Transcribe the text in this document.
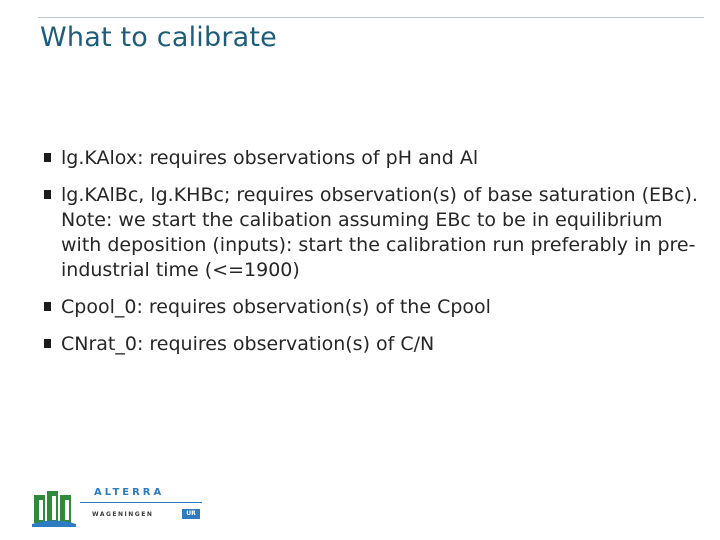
What to calibrate
lg.KAlox: requires observations of pH and Al
lg.KAlBc, lg.KHBc; requires observation(s) of base saturation (EBc). Note: we start the calibation assuming EBc to be in equilibrium with deposition (inputs): start the calibration run preferably in pre-industrial time (<=1900)
Cpool_0: requires observation(s) of the Cpool
CNrat_0: requires observation(s) of C/N
ALTERRA
WAGENINGEN	UR
